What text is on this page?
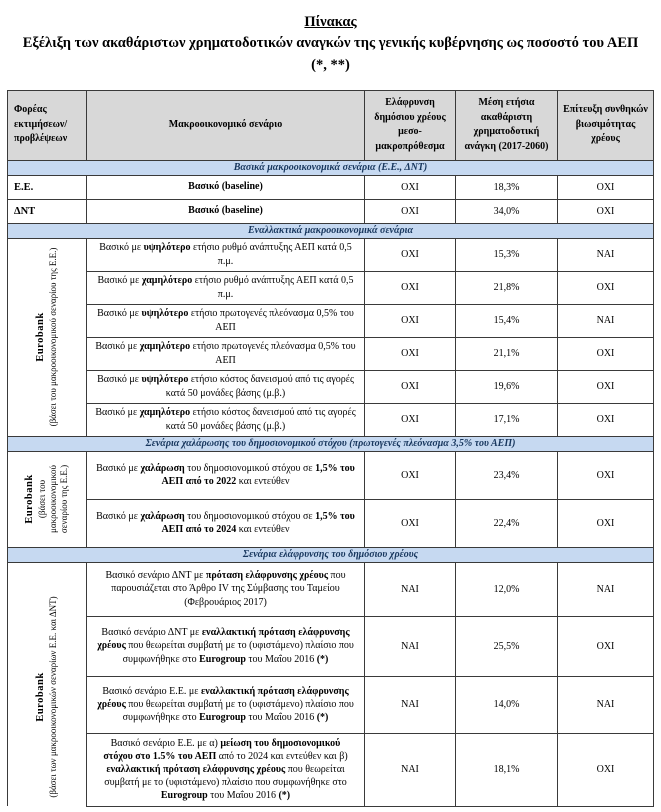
Πίνακας
Εξέλιξη των ακαθάριστων χρηματοδοτικών αναγκών της γενικής κυβέρνησης ως ποσοστό του ΑΕΠ (*, **)
Φορέας εκτιμήσεων/ προβλέψεων	Μακροοικονομικό σενάριο	Ελάφρυνση δημόσιου χρέους μεσο-μακροπρόθεσμα	Μέση ετήσια ακαθάριστη χρηματοδοτική ανάγκη (2017-2060)	Επίτευξη συνθηκών βιωσιμότητας χρέους
Βασικά μακροοικονομικά σενάρια (Ε.Ε., ΔΝΤ)				
Ε.Ε.	Βασικό (baseline)	ΟΧΙ	18,3%	ΟΧΙ
ΔΝΤ	Βασικό (baseline)	ΟΧΙ	34,0%	ΟΧΙ
Εναλλακτικά μακροοικονομικά σενάρια				

Eurobank (βάσει του μακροοικονομικού σεναρίου της Ε.Ε.)	Βασικό με υψηλότερο ετήσιο ρυθμό ανάπτυξης ΑΕΠ κατά 0,5 π.μ.	ΟΧΙ	15,3%	ΝΑΙ
	Βασικό με χαμηλότερο ετήσιο ρυθμό ανάπτυξης ΑΕΠ κατά 0,5 π.μ.	ΟΧΙ	21,8%	ΟΧΙ
	Βασικό με υψηλότερο ετήσιο πρωτογενές πλεόνασμα 0,5% του ΑΕΠ	ΟΧΙ	15,4%	ΝΑΙ
	Βασικό με χαμηλότερο ετήσιο πρωτογενές πλεόνασμα 0,5% του ΑΕΠ	ΟΧΙ	21,1%	ΟΧΙ
	Βασικό με υψηλότερο ετήσιο κόστος δανεισμού από τις αγορές κατά 50 μονάδες βάσης (μ.β.)	ΟΧΙ	19,6%	ΟΧΙ
	Βασικό με χαμηλότερο ετήσιο κόστος δανεισμού από τις αγορές κατά 50 μονάδες βάσης (μ.β.)	ΟΧΙ	17,1%	ΟΧΙ
Σενάρια χαλάρωσης του δημοσιονομικού στόχου (πρωτογενές πλεόνασμα 3,5% του ΑΕΠ)				

Eurobank (βάσει του μακροοικονομικού σεναρίου της Ε.Ε.)	Βασικό με χαλάρωση του δημοσιονομικού στόχου σε 1,5% του ΑΕΠ από το 2022 και εντεύθεν	ΟΧΙ	23,4%	ΟΧΙ
	Βασικό με χαλάρωση του δημοσιονομικού στόχου σε 1,5% του ΑΕΠ από το 2024 και εντεύθεν	ΟΧΙ	22,4%	ΟΧΙ
Σενάρια ελάφρυνσης του δημόσιου χρέους				

Eurobank (βάσει των μακροοικονομικών σεναρίων Ε.Ε. και ΔΝΤ)	Βασικό σενάριο ΔΝΤ με πρόταση ελάφρυνσης χρέους που παρουσιάζεται στο Άρθρο IV της Σύμβασης του Ταμείου (Φεβρουάριος 2017)	ΝΑΙ	12,0%	ΝΑΙ
	Βασικό σενάριο ΔΝΤ με εναλλακτική πρόταση ελάφρυνσης χρέους που θεωρείται συμβατή με το (υφιστάμενο) πλαίσιο που συμφωνήθηκε στο Eurogroup του Μαΐου 2016 (*)	ΝΑΙ	25,5%	ΟΧΙ
	Βασικό σενάριο Ε.Ε. με εναλλακτική πρόταση ελάφρυνσης χρέους που θεωρείται συμβατή με το (υφιστάμενο) πλαίσιο που συμφωνήθηκε στο Eurogroup του Μαΐου 2016 (*)	ΝΑΙ	14,0%	ΝΑΙ
	Βασικό σενάριο Ε.Ε. με α) μείωση του δημοσιονομικού στόχου στο 1.5% του ΑΕΠ από το 2024 και εντεύθεν και β) εναλλακτική πρόταση ελάφρυνσης χρέους που θεωρείται συμβατή με το (υφιστάμενο) πλαίσιο που συμφωνήθηκε στο Eurogroup του Μαΐου 2016 (*)	ΝΑΙ	18,1%	ΟΧΙ
